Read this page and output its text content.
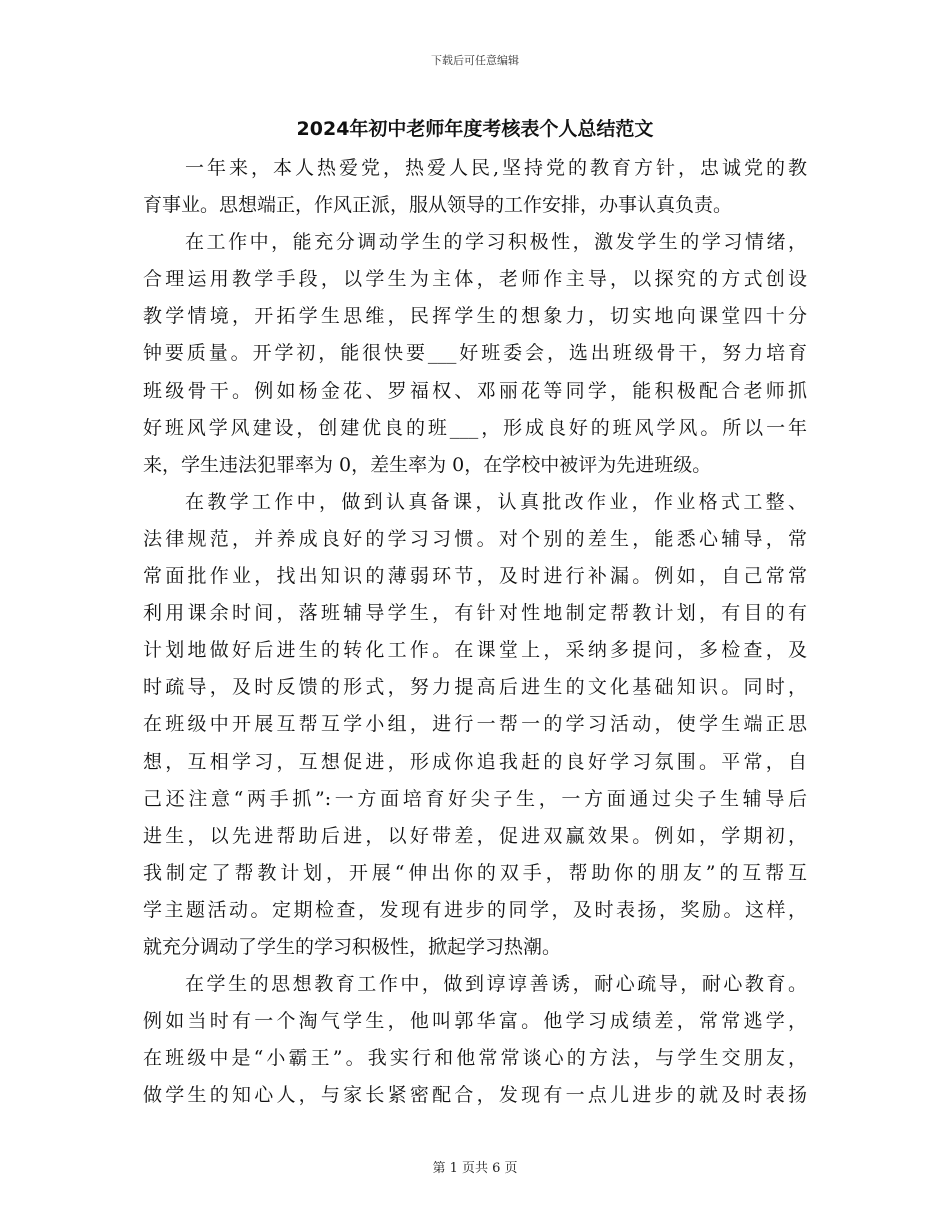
下载后可任意编辑
2024年初中老师年度考核表个人总结范文
一年来，本人热爱党，热爱人民,坚持党的教育方针，忠诚党的教
育事业。思想端正，作风正派，服从领导的工作安排，办事认真负责。
在工作中，能充分调动学生的学习积极性，激发学生的学习情绪，
合理运用教学手段，以学生为主体，老师作主导，以探究的方式创设
教学情境，开拓学生思维，民挥学生的想象力，切实地向课堂四十分
钟要质量。开学初，能很快要___好班委会，选出班级骨干，努力培育
班级骨干。例如杨金花、罗福权、邓丽花等同学，能积极配合老师抓
好班风学风建设，创建优良的班___，形成良好的班风学风。所以一年
来，学生违法犯罪率为 0，差生率为 0，在学校中被评为先进班级。
在教学工作中，做到认真备课，认真批改作业，作业格式工整、
法律规范，并养成良好的学习习惯。对个别的差生，能悉心辅导，常
常面批作业，找出知识的薄弱环节，及时进行补漏。例如，自己常常
利用课余时间，落班辅导学生，有针对性地制定帮教计划，有目的有
计划地做好后进生的转化工作。在课堂上，采纳多提问，多检查，及
时疏导，及时反馈的形式，努力提高后进生的文化基础知识。同时，
在班级中开展互帮互学小组，进行一帮一的学习活动，使学生端正思
想，互相学习，互想促进，形成你追我赶的良好学习氛围。平常，自
己还注意“两手抓”:一方面培育好尖子生，一方面通过尖子生辅导后
进生，以先进帮助后进，以好带差，促进双赢效果。例如，学期初，
我制定了帮教计划，开展“伸出你的双手，帮助你的朋友”的互帮互
学主题活动。定期检查，发现有进步的同学，及时表扬，奖励。这样，
就充分调动了学生的学习积极性，掀起学习热潮。
在学生的思想教育工作中，做到谆谆善诱，耐心疏导，耐心教育。
例如当时有一个淘气学生，他叫郭华富。他学习成绩差，常常逃学，
在班级中是“小霸王”。我实行和他常常谈心的方法，与学生交朋友，
做学生的知心人，与家长紧密配合，发现有一点儿进步的就及时表扬
第 1 页共 6 页
